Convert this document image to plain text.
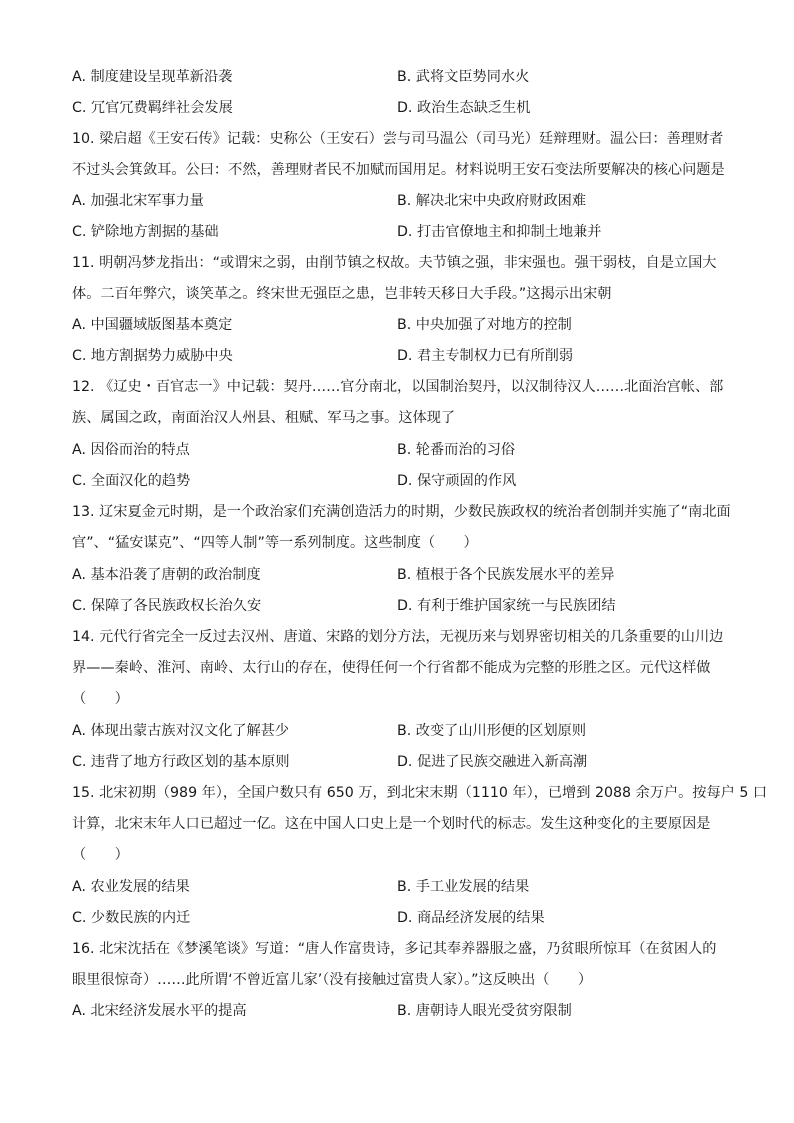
A. 制度建设呈现革新沿袭	B. 武将文臣势同水火
C. 冗官冗费羁绊社会发展	D. 政治生态缺乏生机
10. 梁启超《王安石传》记载：史称公（王安石）尝与司马温公（司马光）廷辩理财。温公曰：善理财者
不过头会箕敛耳。公曰：不然，善理财者民不加赋而国用足。材料说明王安石变法所要解决的核心问题是
A. 加强北宋军事力量	B. 解决北宋中央政府财政困难
C. 铲除地方割据的基础	D. 打击官僚地主和抑制土地兼并
11. 明朝冯梦龙指出：“或谓宋之弱，由削节镇之权故。夫节镇之强，非宋强也。强干弱枝，自是立国大
体。二百年弊穴，谈笑革之。终宋世无强臣之患，岂非转天移日大手段。”这揭示出宋朝
A. 中国疆域版图基本奠定	B. 中央加强了对地方的控制
C. 地方割据势力威胁中央	D. 君主专制权力已有所削弱
12. 《辽史・百官志一》中记载：契丹……官分南北，以国制治契丹，以汉制待汉人……北面治宫帐、部
族、属国之政，南面治汉人州县、租赋、军马之事。这体现了
A. 因俗而治的特点	B. 轮番而治的习俗
C. 全面汉化的趋势	D. 保守顽固的作风
13. 辽宋夏金元时期，是一个政治家们充满创造活力的时期，少数民族政权的统治者创制并实施了“南北面
官”、“猛安谋克”、“四等人制”等一系列制度。这些制度（　　）
A. 基本沿袭了唐朝的政治制度	B. 植根于各个民族发展水平的差异
C. 保障了各民族政权长治久安	D. 有利于维护国家统一与民族团结
14. 元代行省完全一反过去汉州、唐道、宋路的划分方法，无视历来与划界密切相关的几条重要的山川边
界——秦岭、淮河、南岭、太行山的存在，使得任何一个行省都不能成为完整的形胜之区。元代这样做
（　　）
A. 体现出蒙古族对汉文化了解甚少	B. 改变了山川形便的区划原则
C. 违背了地方行政区划的基本原则	D. 促进了民族交融进入新高潮
15. 北宋初期（989 年），全国户数只有 650 万，到北宋末期（1110 年），已增到 2088 余万户。按每户 5 口
计算，北宋末年人口已超过一亿。这在中国人口史上是一个划时代的标志。发生这种变化的主要原因是
（　　）
A. 农业发展的结果	B. 手工业发展的结果
C. 少数民族的内迁	D. 商品经济发展的结果
16. 北宋沈括在《梦溪笔谈》写道：“唐人作富贵诗，多记其奉养器服之盛，乃贫眼所惊耳（在贫困人的
眼里很惊奇）……此所谓‘不曾近富儿家’（没有接触过富贵人家）。”这反映出（　　）
A. 北宋经济发展水平的提高	B. 唐朝诗人眼光受贫穷限制
